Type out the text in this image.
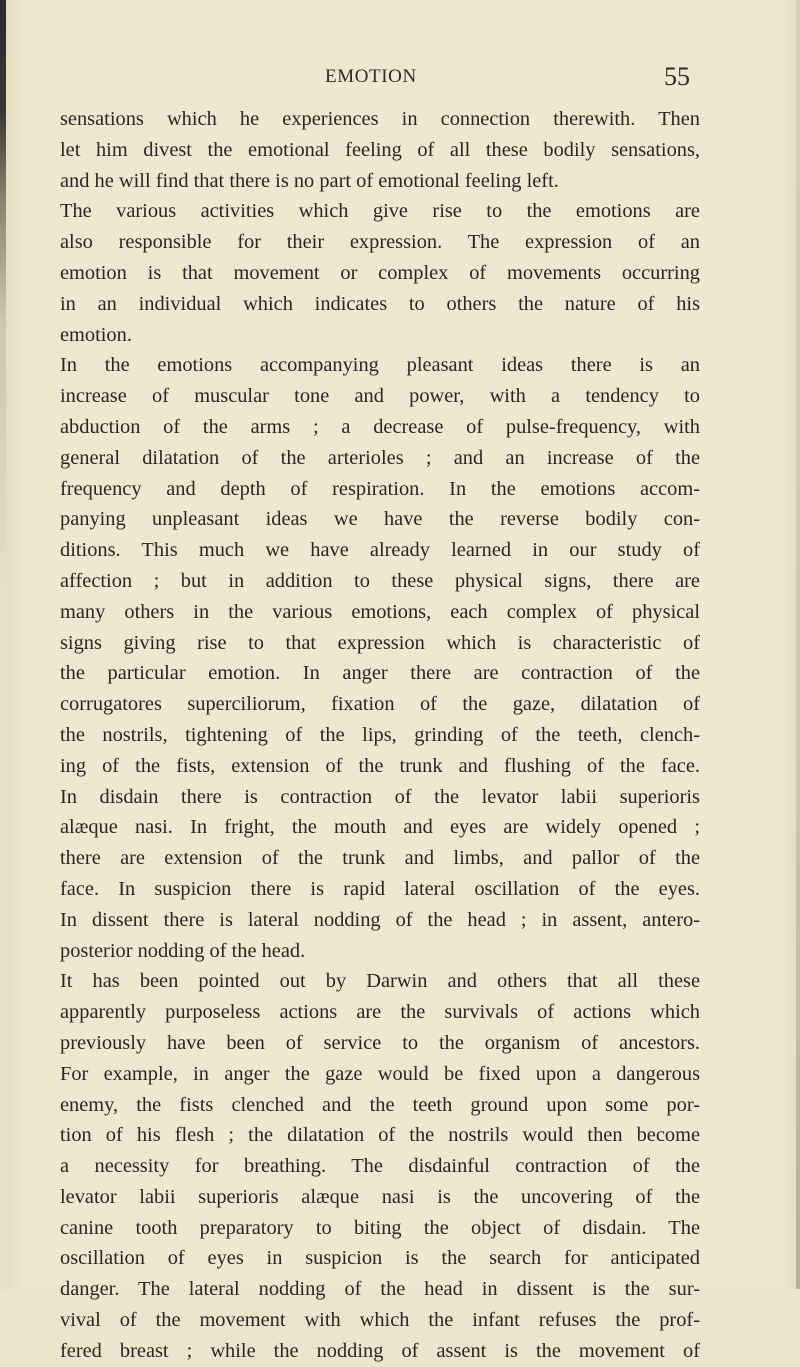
EMOTION	55
sensations which he experiences in connection therewith. Then
let him divest the emotional feeling of all these bodily sensations,
and he will find that there is no part of emotional feeling left.
The various activities which give rise to the emotions are
also responsible for their expression. The expression of an
emotion is that movement or complex of movements occurring
in an individual which indicates to others the nature of his
emotion.
In the emotions accompanying pleasant ideas there is an
increase of muscular tone and power, with a tendency to
abduction of the arms ; a decrease of pulse-frequency, with
general dilatation of the arterioles ; and an increase of the
frequency and depth of respiration. In the emotions accom-
panying unpleasant ideas we have the reverse bodily con-
ditions. This much we have already learned in our study of
affection ; but in addition to these physical signs, there are
many others in the various emotions, each complex of physical
signs giving rise to that expression which is characteristic of
the particular emotion. In anger there are contraction of the
corrugatores superciliorum, fixation of the gaze, dilatation of
the nostrils, tightening of the lips, grinding of the teeth, clench-
ing of the fists, extension of the trunk and flushing of the face.
In disdain there is contraction of the levator labii superioris
alæque nasi. In fright, the mouth and eyes are widely opened ;
there are extension of the trunk and limbs, and pallor of the
face. In suspicion there is rapid lateral oscillation of the eyes.
In dissent there is lateral nodding of the head ; in assent, antero-
posterior nodding of the head.
It has been pointed out by Darwin and others that all these
apparently purposeless actions are the survivals of actions which
previously have been of service to the organism of ancestors.
For example, in anger the gaze would be fixed upon a dangerous
enemy, the fists clenched and the teeth ground upon some por-
tion of his flesh ; the dilatation of the nostrils would then become
a necessity for breathing. The disdainful contraction of the
levator labii superioris alæque nasi is the uncovering of the
canine tooth preparatory to biting the object of disdain. The
oscillation of eyes in suspicion is the search for anticipated
danger. The lateral nodding of the head in dissent is the sur-
vival of the movement with which the infant refuses the prof-
fered breast ; while the nodding of assent is the movement of
